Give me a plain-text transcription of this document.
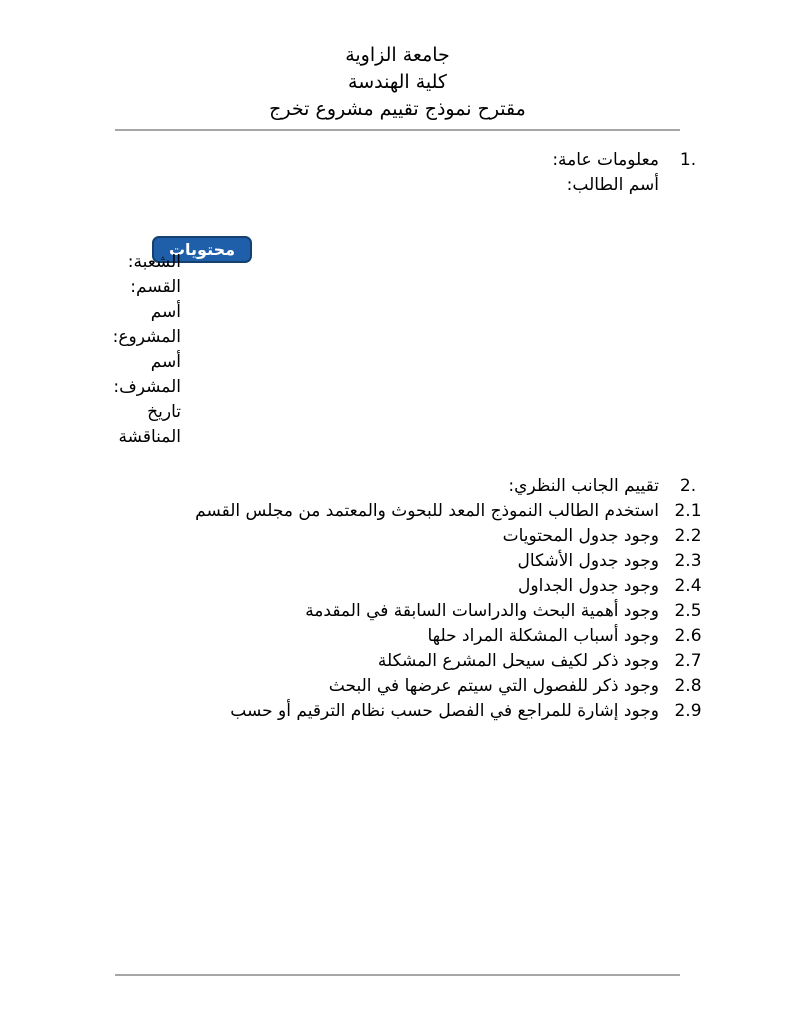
جامعة الزاوية
كلية الهندسة
مقترح نموذج تقييم مشروع تخرج
1.
معلومات عامة:
أسم الطالب:
محتويات
الشعبة:
القسم:
أسم المشروع:
أسم المشرف:
تاريخ المناقشة
2.
تقييم الجانب النظري:
2.1
استخدم الطالب النموذج المعد للبحوث والمعتمد من مجلس القسم
2.2
وجود جدول المحتويات
2.3
وجود جدول الأشكال
2.4
وجود جدول الجداول
2.5
وجود أهمية البحث والدراسات السابقة في المقدمة
2.6
وجود أسباب المشكلة المراد حلها
2.7
وجود ذكر لكيف سيحل المشرع المشكلة
2.8
وجود ذكر للفصول التي سيتم عرضها في البحث
2.9
وجود إشارة للمراجع في الفصل حسب نظام الترقيم أو حسب
